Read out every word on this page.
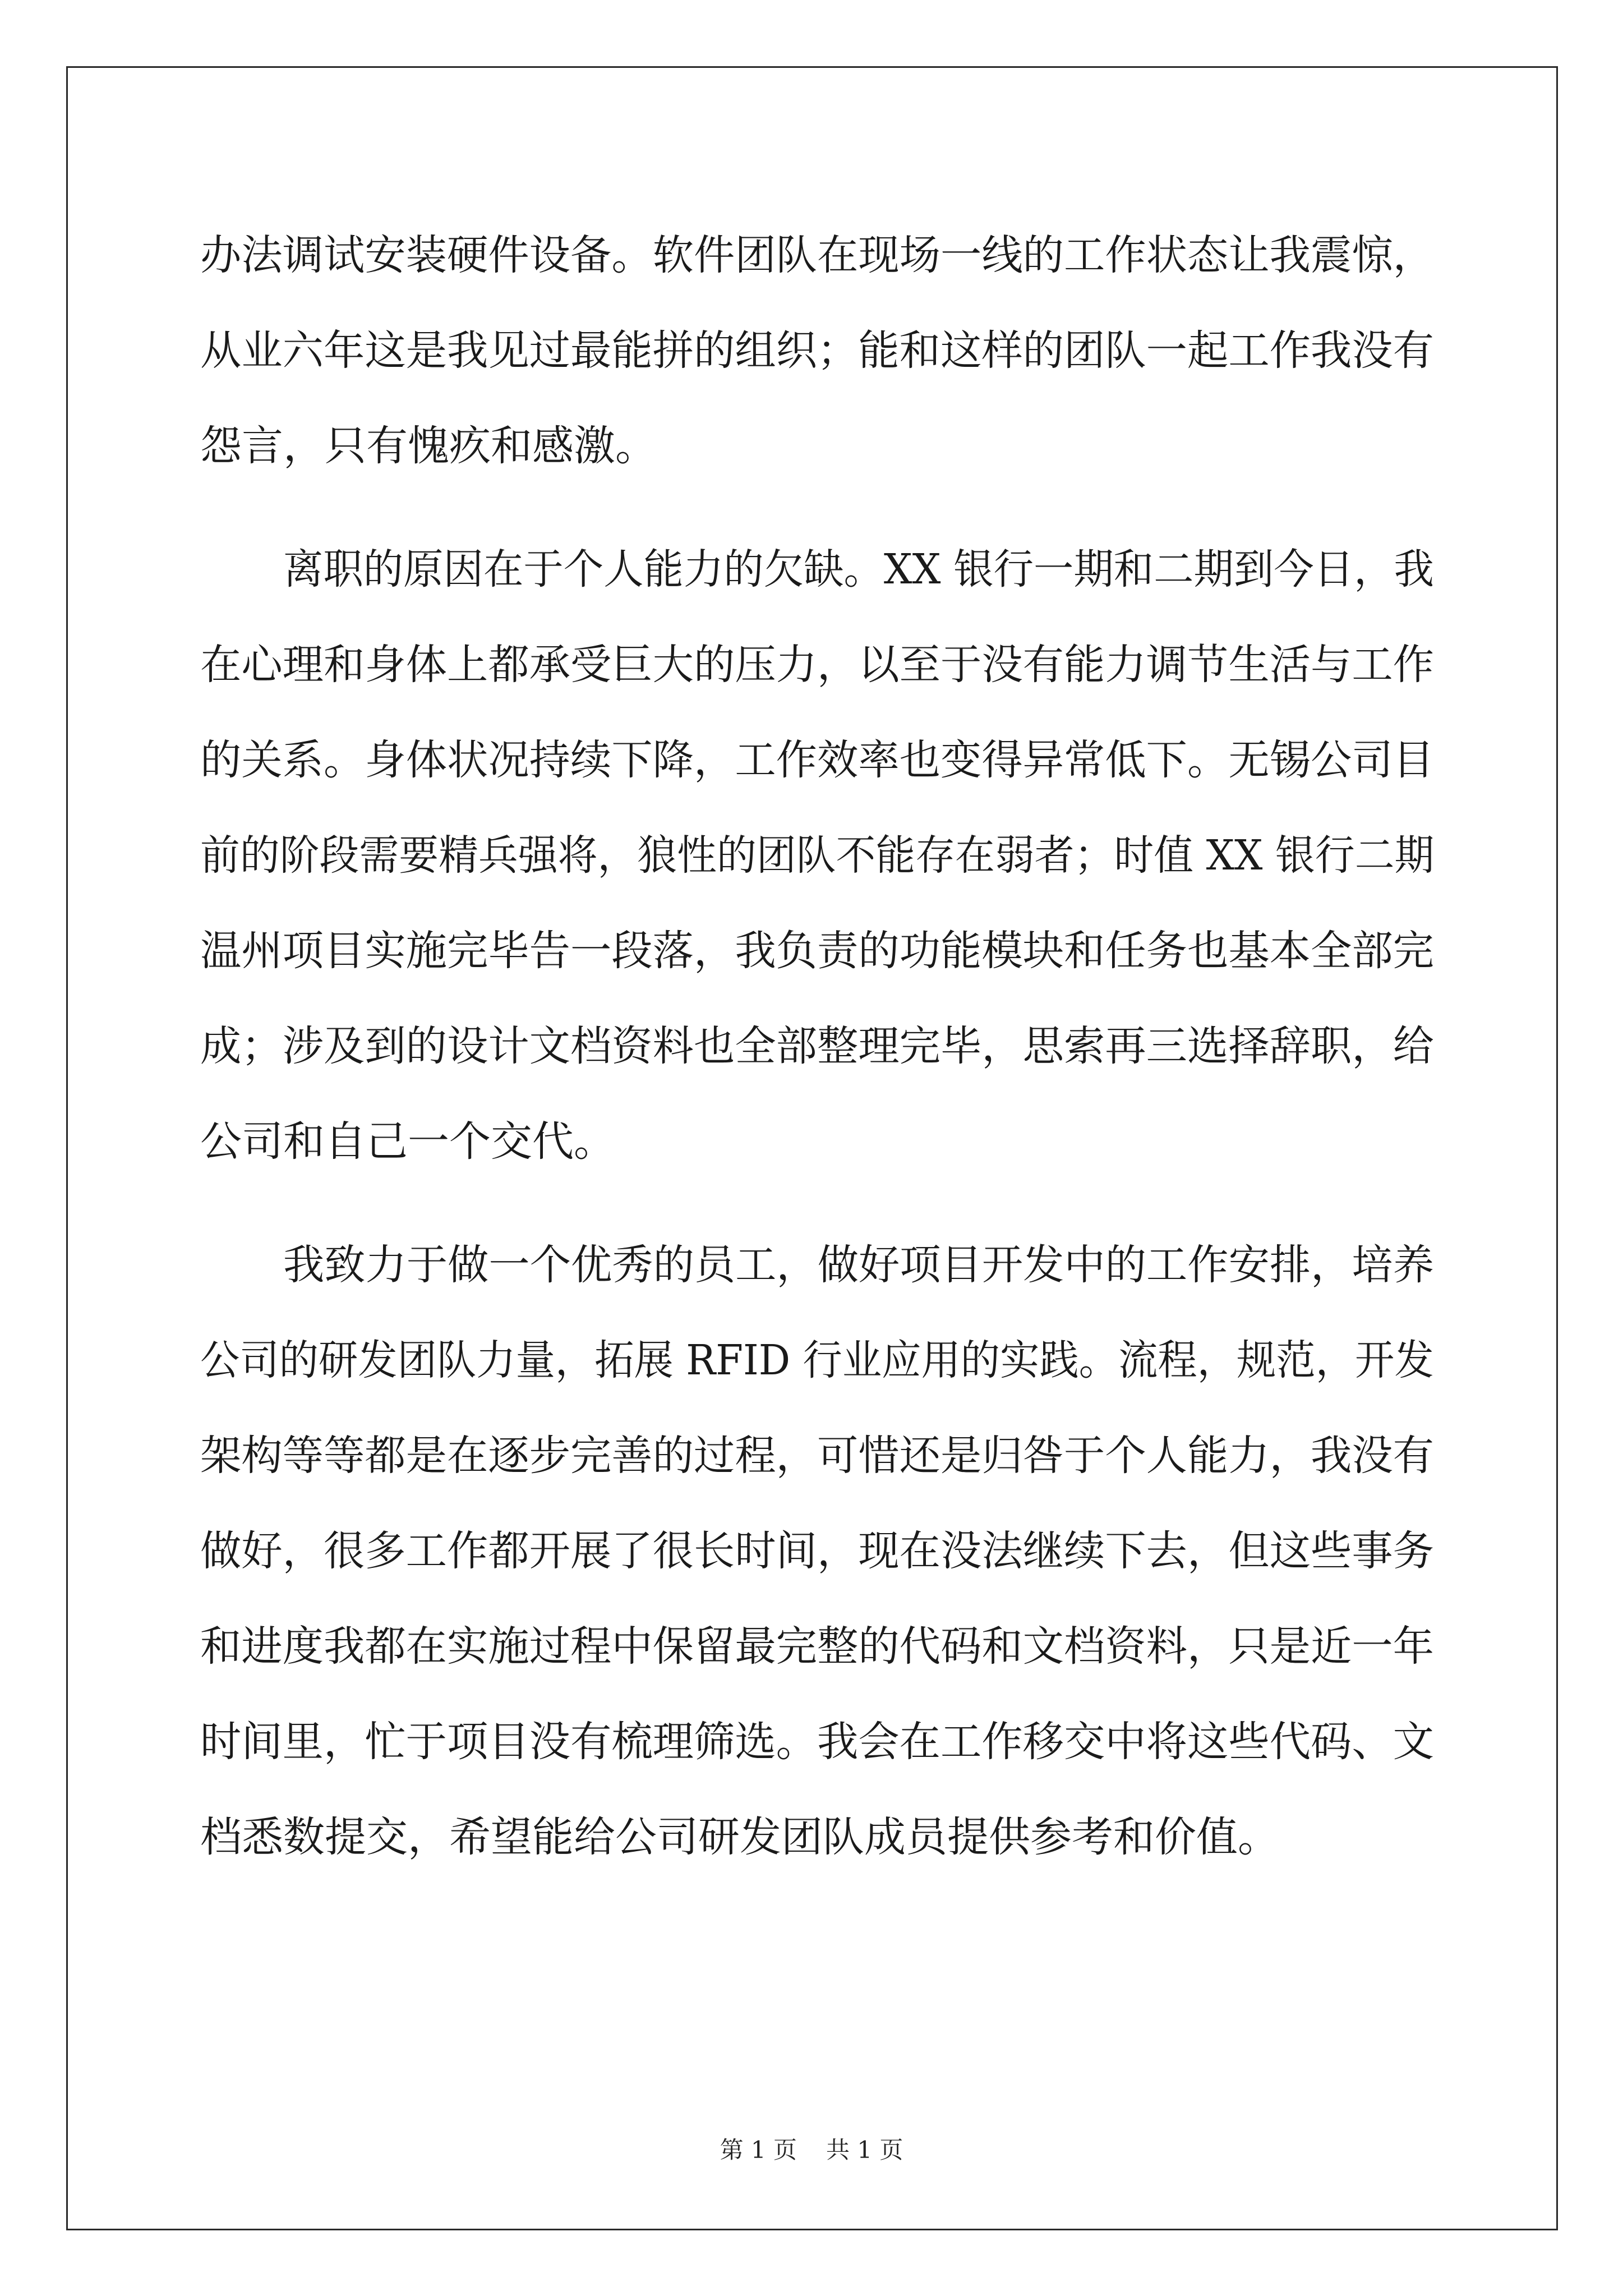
办法调试安装硬件设备。软件团队在现场一线的工作状态让我震惊，
从业六年这是我见过最能拼的组织；能和这样的团队一起工作我没有
怨言，只有愧疚和感激。
离职的原因在于个人能力的欠缺。XX 银行一期和二期到今日，我
在心理和身体上都承受巨大的压力，以至于没有能力调节生活与工作
的关系。身体状况持续下降，工作效率也变得异常低下。无锡公司目
前的阶段需要精兵强将，狼性的团队不能存在弱者；时值 XX 银行二期
温州项目实施完毕告一段落，我负责的功能模块和任务也基本全部完
成；涉及到的设计文档资料也全部整理完毕，思索再三选择辞职，给
公司和自己一个交代。
我致力于做一个优秀的员工，做好项目开发中的工作安排，培养
公司的研发团队力量，拓展 RFID 行业应用的实践。流程，规范，开发
架构等等都是在逐步完善的过程，可惜还是归咎于个人能力，我没有
做好，很多工作都开展了很长时间，现在没法继续下去，但这些事务
和进度我都在实施过程中保留最完整的代码和文档资料，只是近一年
时间里，忙于项目没有梳理筛选。我会在工作移交中将这些代码、文
档悉数提交，希望能给公司研发团队成员提供参考和价值。
第 1 页 共 1 页
